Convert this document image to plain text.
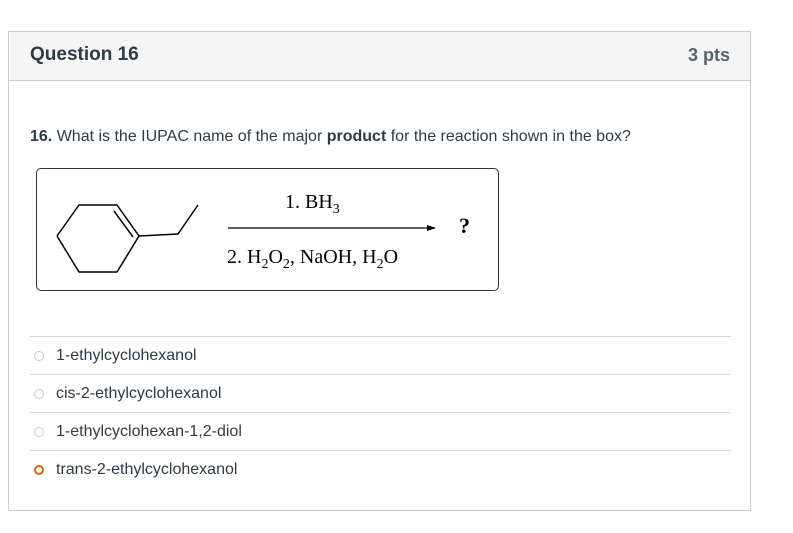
Question 16	3 pts
16. What is the IUPAC name of the major product for the reaction shown in the box?
1. $BH_3$
2. $H_2O_2$, NaOH, $H_2O$
?
1-ethylcyclohexanol
cis-2-ethylcyclohexanol
1-ethylcyclohexan-1,2-diol
trans-2-ethylcyclohexanol
